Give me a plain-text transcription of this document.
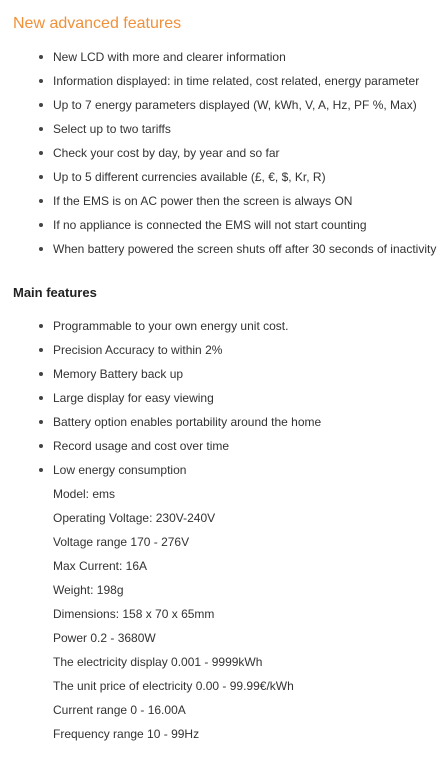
New advanced features
New LCD with more and clearer information
Information displayed: in time related, cost related, energy parameter
Up to 7 energy parameters displayed (W, kWh, V, A, Hz, PF %, Max)
Select up to two tariffs
Check your cost by day, by year and so far
Up to 5 different currencies available (£, €, $, Kr, R)
If the EMS is on AC power then the screen is always ON
If no appliance is connected the EMS will not start counting
When battery powered the screen shuts off after 30 seconds of inactivity
Main features
Programmable to your own energy unit cost.
Precision Accuracy to within 2%
Memory Battery back up
Large display for easy viewing
Battery option enables portability around the home
Record usage and cost over time
Low energy consumption
Model: ems
Operating Voltage: 230V-240V
Voltage range 170 - 276V
Max Current: 16A
Weight: 198g
Dimensions: 158 x 70 x 65mm
Power 0.2 - 3680W
The electricity display 0.001 - 9999kWh
The unit price of electricity 0.00 - 99.99€/kWh
Current range 0 - 16.00A
Frequency range 10 - 99Hz
